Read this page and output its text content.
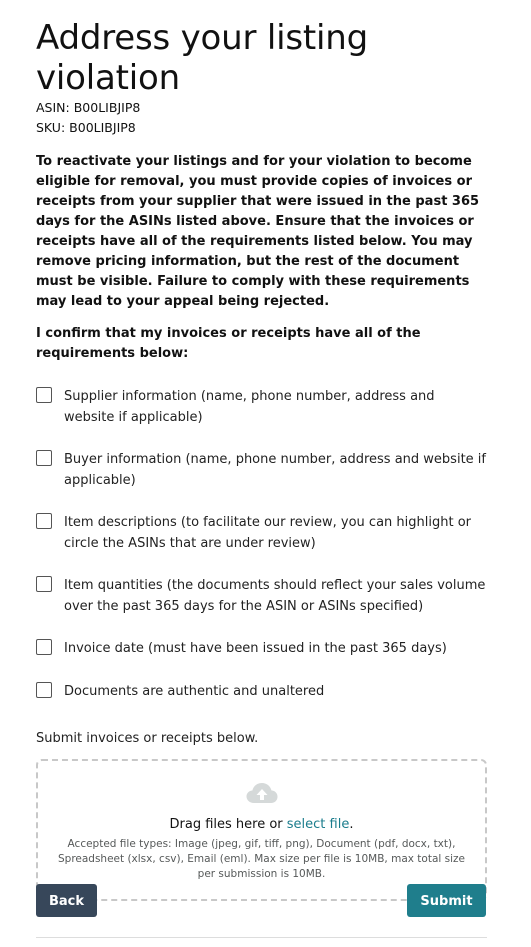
Address your listing violation
ASIN: B00LIBJIP8
SKU: B00LIBJIP8
To reactivate your listings and for your violation to become eligible for removal, you must provide copies of invoices or receipts from your supplier that were issued in the past 365 days for the ASINs listed above. Ensure that the invoices or receipts have all of the requirements listed below. You may remove pricing information, but the rest of the document must be visible. Failure to comply with these requirements may lead to your appeal being rejected.
I confirm that my invoices or receipts have all of the requirements below:
Supplier information (name, phone number, address and website if applicable)
Buyer information (name, phone number, address and website if applicable)
Item descriptions (to facilitate our review, you can highlight or circle the ASINs that are under review)
Item quantities (the documents should reflect your sales volume over the past 365 days for the ASIN or ASINs specified)
Invoice date (must have been issued in the past 365 days)
Documents are authentic and unaltered
Submit invoices or receipts below.
Drag files here or select file.
Accepted file types: Image (jpeg, gif, tiff, png), Document (pdf, docx, txt), Spreadsheet (xlsx, csv), Email (eml). Max size per file is 10MB, max total size per submission is 10MB.
Back	Submit
